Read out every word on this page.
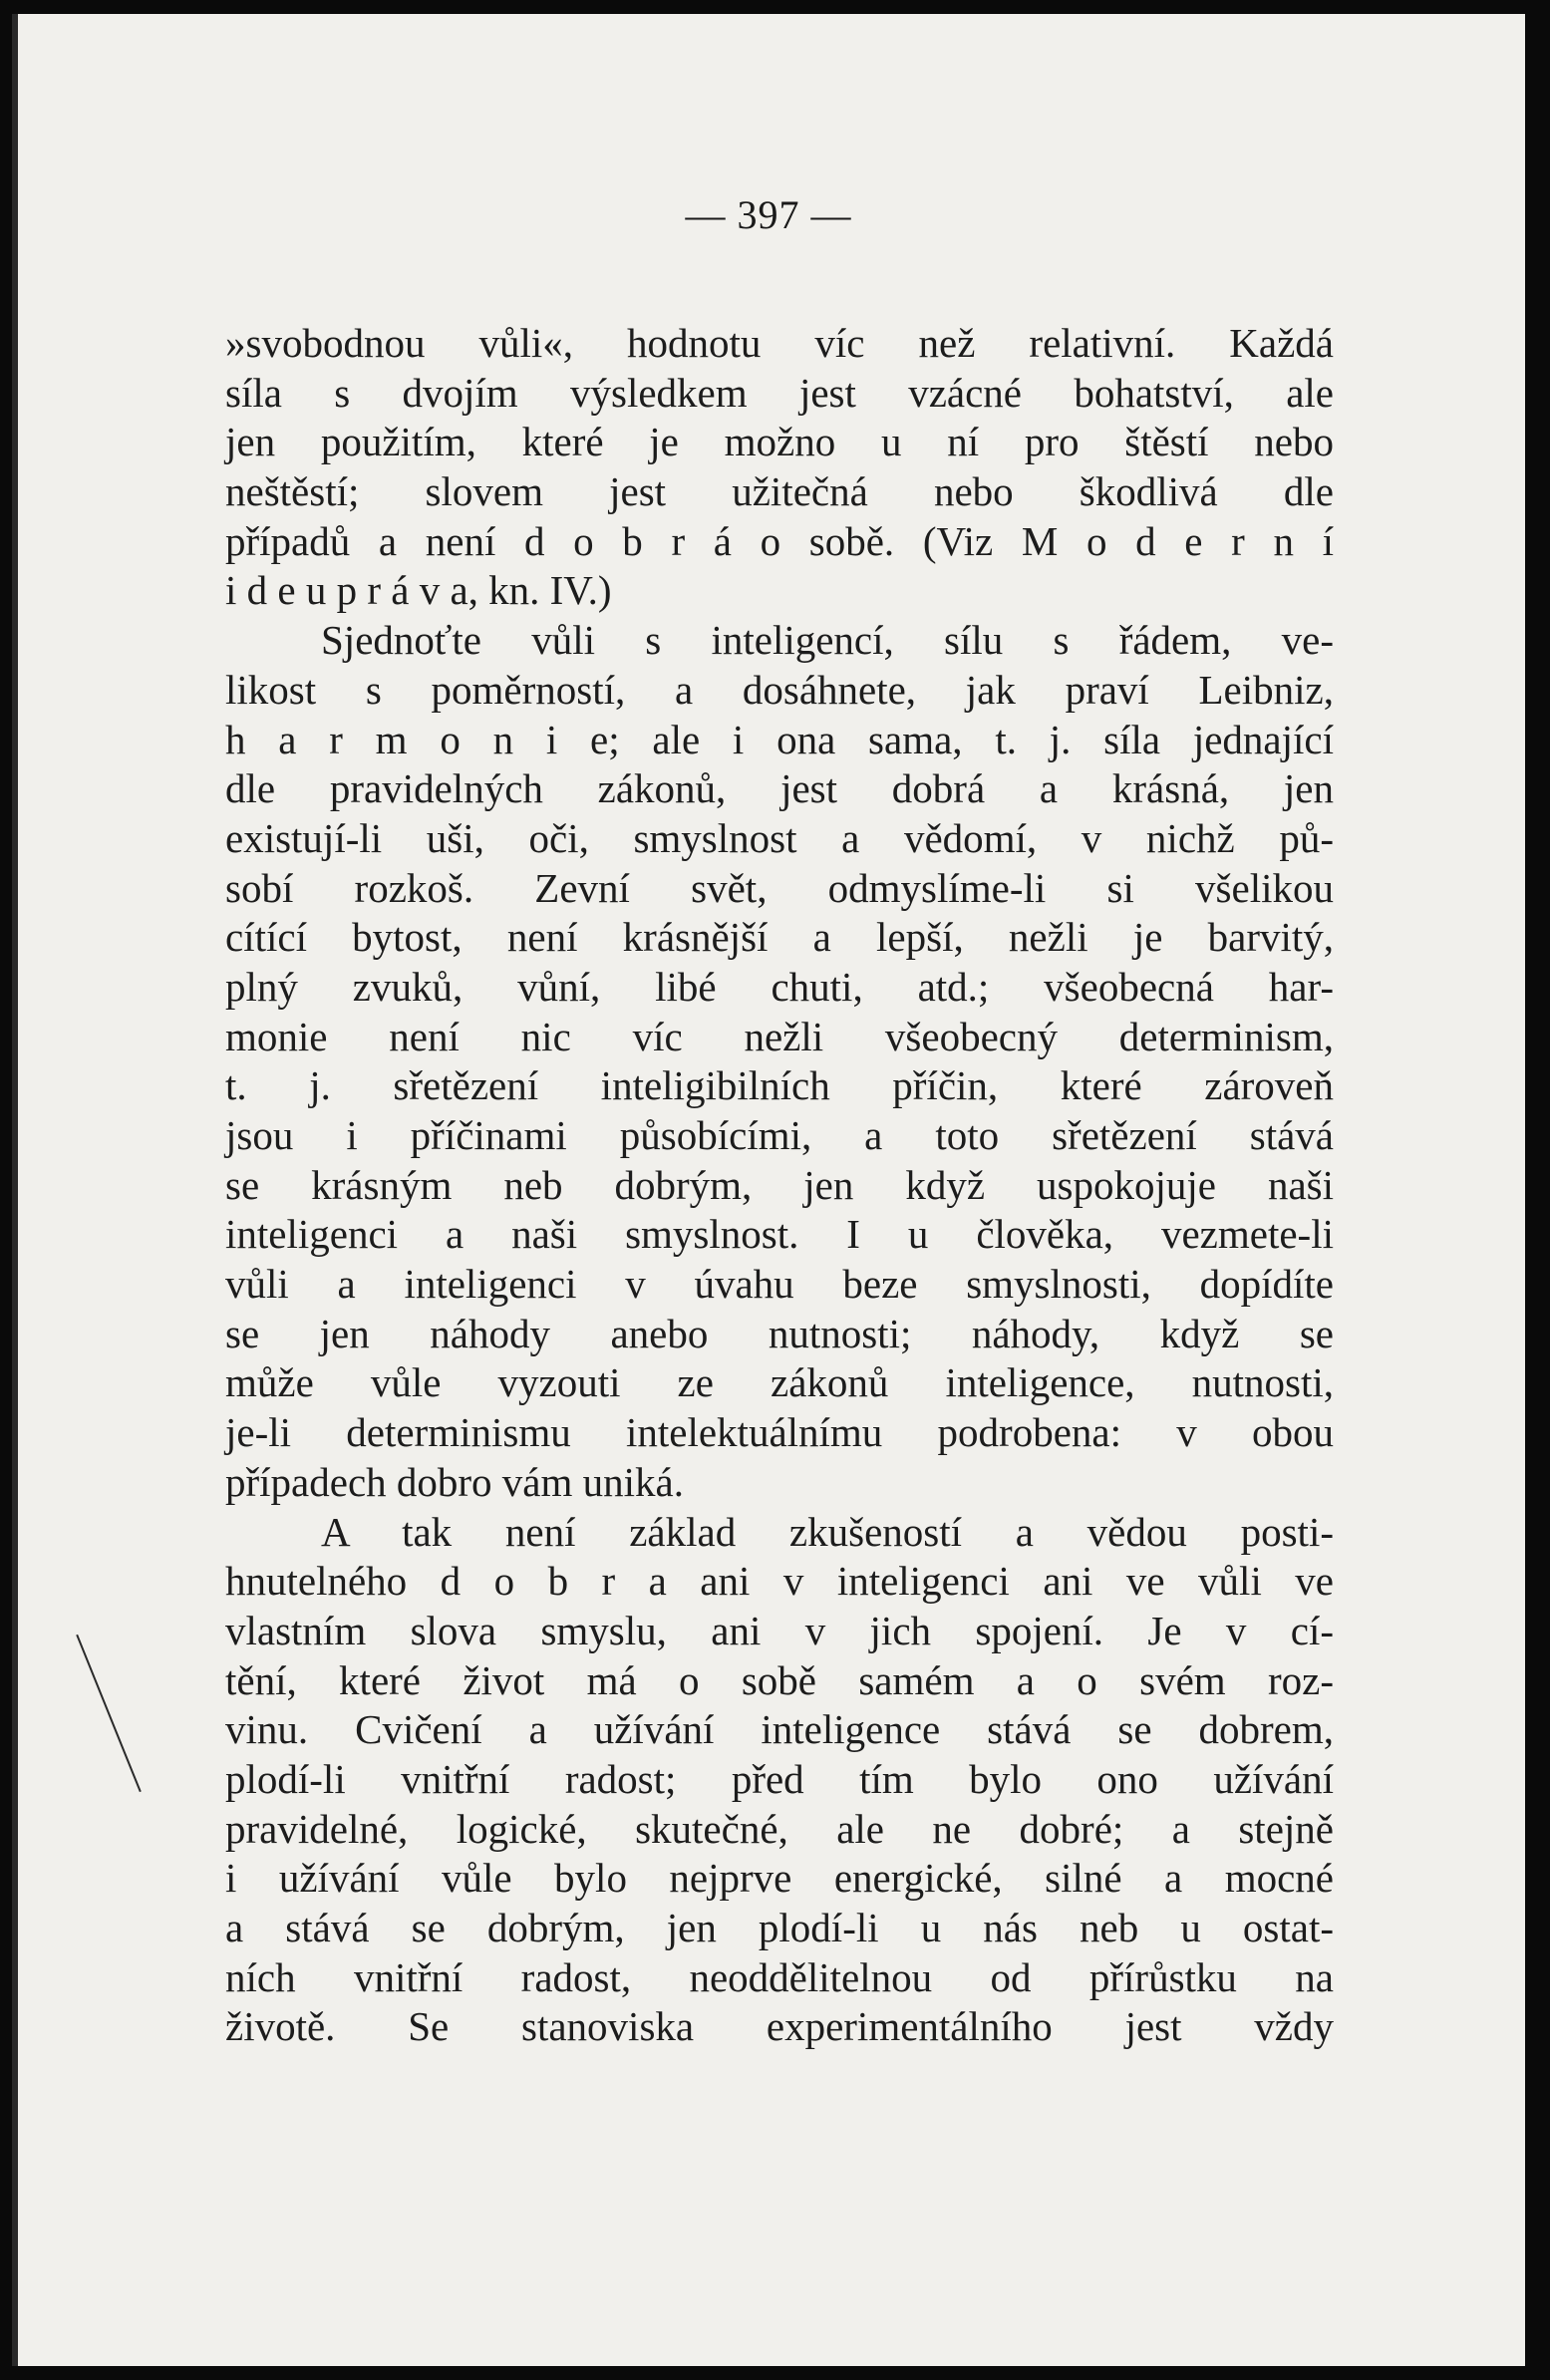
— 397 —
»svobodnou vůli«, hodnotu víc než relativní. Každá
síla s dvojím výsledkem jest vzácné bohatství, ale
jen použitím, které je možno u ní pro štěstí nebo
neštěstí; slovem jest užitečná nebo škodlivá dle
případů a není d o b r á o sobě. (Viz M o d e r n í
i d e u p r á v a, kn. IV.)
Sjednoťte vůli s inteligencí, sílu s řádem, ve-
likost s poměrností, a dosáhnete, jak praví Leibniz,
h a r m o n i e; ale i ona sama, t. j. síla jednající
dle pravidelných zákonů, jest dobrá a krásná, jen
existují-li uši, oči, smyslnost a vědomí, v nichž pů-
sobí rozkoš. Zevní svět, odmyslíme-li si všelikou
cítící bytost, není krásnější a lepší, nežli je barvitý,
plný zvuků, vůní, libé chuti, atd.; všeobecná har-
monie není nic víc nežli všeobecný determinism,
t. j. sřetězení inteligibilních příčin, které zároveň
jsou i příčinami působícími, a toto sřetězení stává
se krásným neb dobrým, jen když uspokojuje naši
inteligenci a naši smyslnost. I u člověka, vezmete-li
vůli a inteligenci v úvahu beze smyslnosti, dopídíte
se jen náhody anebo nutnosti; náhody, když se
může vůle vyzouti ze zákonů inteligence, nutnosti,
je-li determinismu intelektuálnímu podrobena: v obou
případech dobro vám uniká.
A tak není základ zkušeností a vědou posti-
hnutelného d o b r a ani v inteligenci ani ve vůli ve
vlastním slova smyslu, ani v jich spojení. Je v cí-
tění, které život má o sobě samém a o svém roz-
vinu. Cvičení a užívání inteligence stává se dobrem,
plodí-li vnitřní radost; před tím bylo ono užívání
pravidelné, logické, skutečné, ale ne dobré; a stejně
i užívání vůle bylo nejprve energické, silné a mocné
a stává se dobrým, jen plodí-li u nás neb u ostat-
ních vnitřní radost, neoddělitelnou od přírůstku na
životě. Se stanoviska experimentálního jest vždy
